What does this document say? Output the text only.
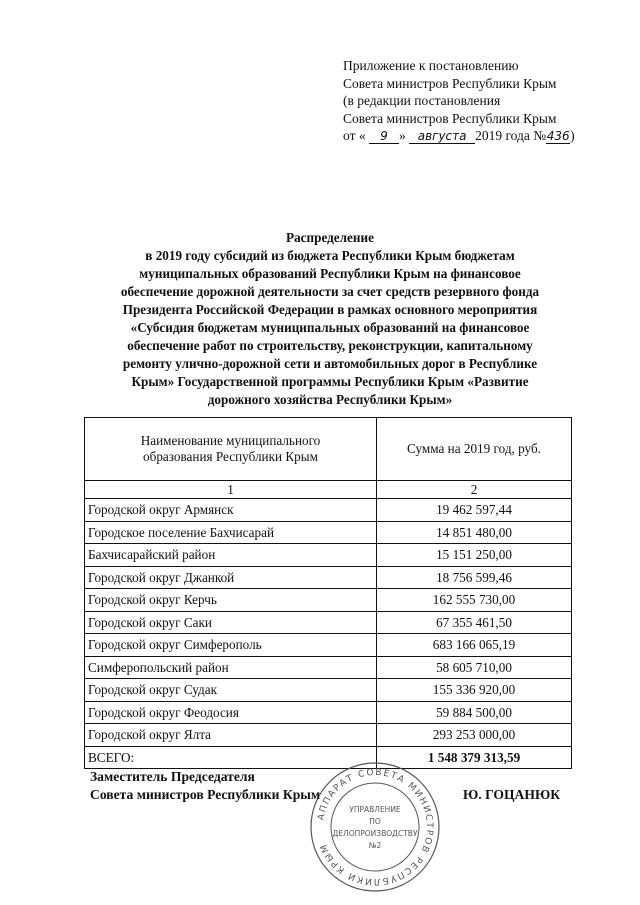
Приложение к постановлению
Совета министров Республики Крым
(в редакции постановления
Совета министров Республики Крым
от « 9 » августа 2019 года №436)
Распределение
в 2019 году субсидий из бюджета Республики Крым бюджетам
муниципальных образований Республики Крым на финансовое
обеспечение дорожной деятельности за счет средств резервного фонда
Президента Российской Федерации в рамках основного мероприятия
«Субсидия бюджетам муниципальных образований на финансовое
обеспечение работ по строительству, реконструкции, капитальному
ремонту улично-дорожной сети и автомобильных дорог в Республике
Крым» Государственной программы Республики Крым «Развитие
дорожного хозяйства Республики Крым»
Наименование муниципального образования Республики Крым	Сумма на 2019 год, руб.
1	2
Городской округ Армянск	19 462 597,44
Городское поселение Бахчисарай	14 851 480,00
Бахчисарайский район	15 151 250,00
Городской округ Джанкой	18 756 599,46
Городской округ Керчь	162 555 730,00
Городской округ Саки	67 355 461,50
Городской округ Симферополь	683 166 065,19
Симферопольский район	58 605 710,00
Городской округ Судак	155 336 920,00
Городской округ Феодосия	59 884 500,00
Городской округ Ялта	293 253 000,00
ВСЕГО:	1 548 379 313,59
АППАРАТ СОВЕТА МИНИСТРОВ РЕСПУБЛИКИ КРЫМ
УПРАВЛЕНИЕ
ПО
ДЕЛОПРОИЗВОДСТВУ
№2
Заместитель Председателя
Совета министров Республики Крым	Ю. ГОЦАНЮК
